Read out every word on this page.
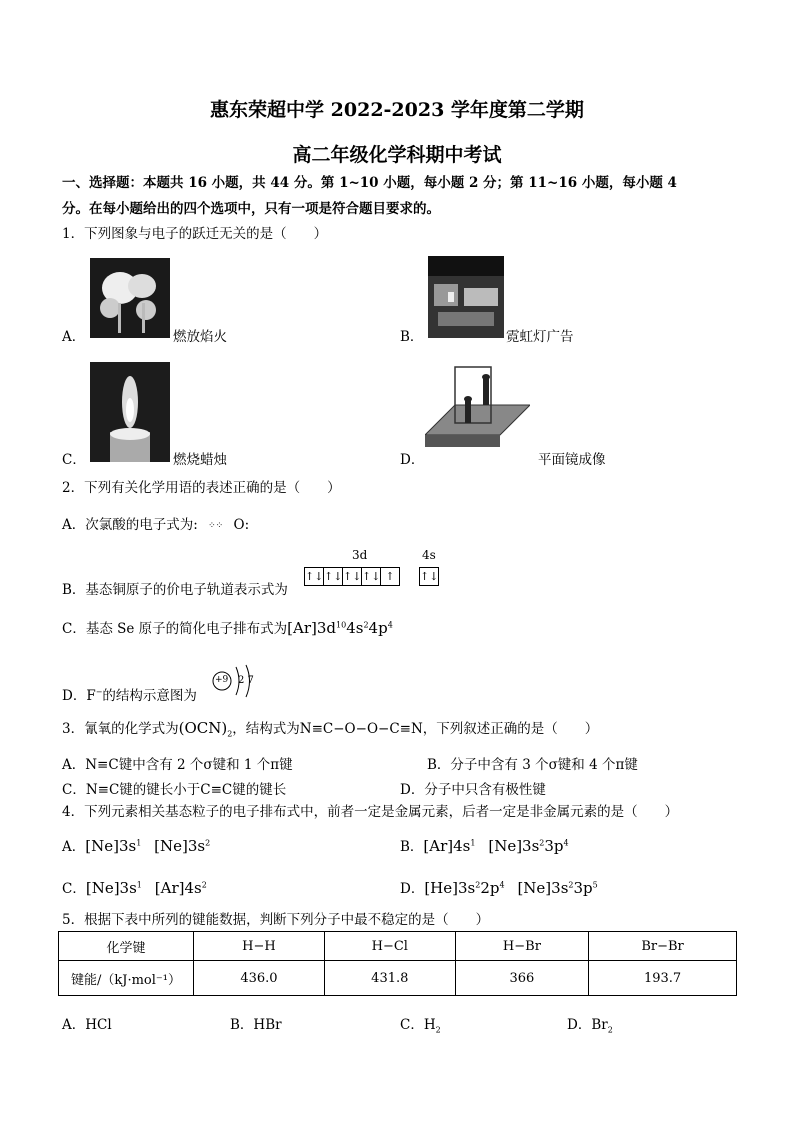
惠东荣超中学 2022-2023 学年度第二学期
高二年级化学科期中考试
一、选择题：本题共 16 小题，共 44 分。第 1~10 小题，每小题 2 分；第 11~16 小题，每小题 4
分。在每小题给出的四个选项中，只有一项是符合题目要求的。
1．下列图象与电子的跃迁无关的是（　　）
A．	燃放焰火	B．	霓虹灯广告
C．	燃烧蜡烛	D．	平面镜成像
2．下列有关化学用语的表述正确的是（　　）
A．次氯酸的电子式为: ⁘⁘ O:
3d	4s
B．基态铜原子的价电子轨道表示式为
↑↓ ↑↓ ↑↓ ↑↓ ↑	↑↓
C．基态 Se 原子的简化电子排布式为$[Ar]3d^{10}4s^24p^4$
D．F−的结构示意图为
+9 2 7
3．氰氧的化学式为$(OCN)_2$，结构式为N≡C−O−O−C≡N，下列叙述正确的是（　　）
A．N≡C键中含有 2 个σ键和 1 个π键	B．分子中含有 3 个σ键和 4 个π键
C．N≡C键的键长小于C≡C键的键长	D．分子中只含有极性键
4．下列元素相关基态粒子的电子排布式中，前者一定是金属元素，后者一定是非金属元素的是（　　）
A．$[Ne]3s^1$ $[Ne]3s^2$	B．$[Ar]4s^1$ $[Ne]3s^23p^4$
C．$[Ne]3s^1$ $[Ar]4s^2$	D．$[He]3s^22p^4$ $[Ne]3s^23p^5$
5．根据下表中所列的键能数据，判断下列分子中最不稳定的是（　　）
化学键	H−H	H−Cl	H−Br	Br−Br
键能/（kJ·mol⁻¹）	436.0	431.8	366	193.7
A．HCl	B．HBr	C．$H_2$	D．$Br_2$
